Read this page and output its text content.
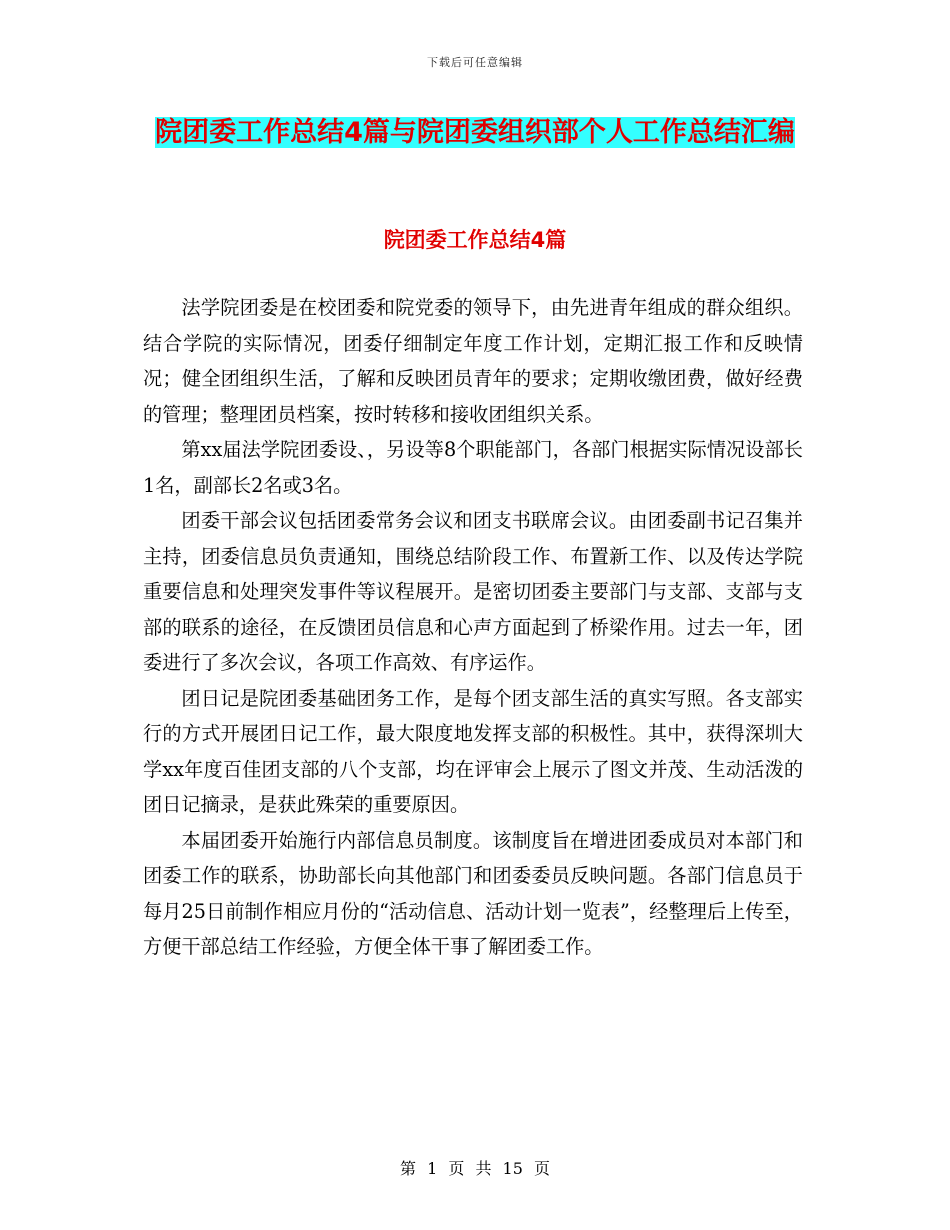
下载后可任意编辑
院团委工作总结4篇与院团委组织部个人工作总结汇编
院团委工作总结4篇

法学院团委是在校团委和院党委的领导下，由先进青年组成的群众组织。结合学院的实际情况，团委仔细制定年度工作计划，定期汇报工作和反映情况；健全团组织生活，了解和反映团员青年的要求；定期收缴团费，做好经费的管理；整理团员档案，按时转移和接收团组织关系。

第xx届法学院团委设、，另设等8个职能部门，各部门根据实际情况设部长1名，副部长2名或3名。

团委干部会议包括团委常务会议和团支书联席会议。由团委副书记召集并主持，团委信息员负责通知，围绕总结阶段工作、布置新工作、以及传达学院重要信息和处理突发事件等议程展开。是密切团委主要部门与支部、支部与支部的联系的途径，在反馈团员信息和心声方面起到了桥梁作用。过去一年，团委进行了多次会议，各项工作高效、有序运作。

团日记是院团委基础团务工作，是每个团支部生活的真实写照。各支部实行的方式开展团日记工作，最大限度地发挥支部的积极性。其中，获得深圳大学xx年度百佳团支部的八个支部，均在评审会上展示了图文并茂、生动活泼的团日记摘录，是获此殊荣的重要原因。

本届团委开始施行内部信息员制度。该制度旨在增进团委成员对本部门和团委工作的联系，协助部长向其他部门和团委委员反映问题。各部门信息员于每月25日前制作相应月份的“活动信息、活动计划一览表”，经整理后上传至，方便干部总结工作经验，方便全体干事了解团委工作。

第 1 页 共 15 页
